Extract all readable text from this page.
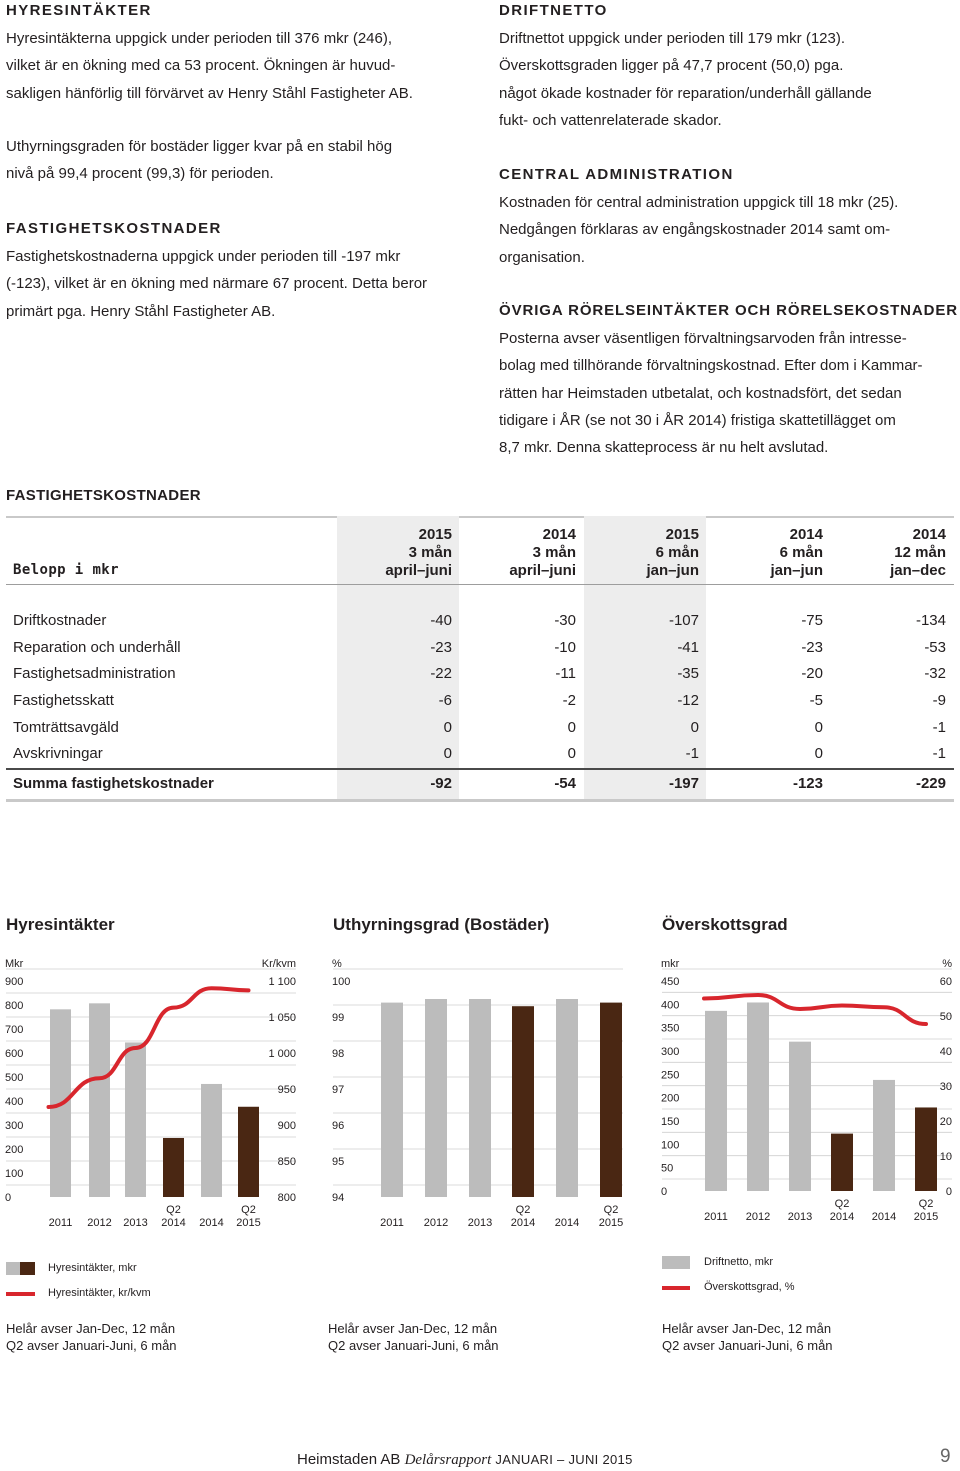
HYRESINTÄKTER
Hyresintäkterna uppgick under perioden till 376 mkr (246),
vilket är en ökning med ca 53 procent. Ökningen är huvud-
sakligen hänförlig till förvärvet av Henry Ståhl Fastigheter AB.
Uthyrningsgraden för bostäder ligger kvar på en stabil hög
nivå på 99,4 procent (99,3) för perioden.
FASTIGHETSKOSTNADER
Fastighetskostnaderna uppgick under perioden till -197 mkr
(-123), vilket är en ökning med närmare 67 procent. Detta beror
primärt pga. Henry Ståhl Fastigheter AB.
DRIFTNETTO
Driftnettot uppgick under perioden till 179 mkr (123).
Överskottsgraden ligger på 47,7 procent (50,0) pga.
något ökade kostnader för reparation/underhåll gällande
fukt- och vattenrelaterade skador.
CENTRAL ADMINISTRATION
Kostnaden för central administration uppgick till 18 mkr (25).
Nedgången förklaras av engångskostnader 2014 samt om-
organisation.
ÖVRIGA RÖRELSEINTÄKTER OCH RÖRELSEKOSTNADER
Posterna avser väsentligen förvaltningsarvoden från intresse-
bolag med tillhörande förvaltningskostnad. Efter dom i Kammar-
rätten har Heimstaden utbetalat, och kostnadsfört, det sedan
tidigare i ÅR (se not 30 i ÅR 2014) fristiga skattetillägget om
8,7 mkr. Denna skatteprocess är nu helt avslutad.
FASTIGHETSKOSTNADER
Belopp i mkr
2015
3 mån
april–juni
2014
3 mån
april–juni
2015
6 mån
jan–jun
2014
6 mån
jan–jun
2014
12 mån
jan–dec
Driftkostnader	-40	-30	-107	-75	-134
Reparation och underhåll	-23	-10	-41	-23	-53
Fastighetsadministration	-22	-11	-35	-20	-32
Fastighetsskatt	-6	-2	-12	-5	-9
Tomträttsavgäld	0	0	0	0	-1
Avskrivningar	0	0	-1	0	-1
Summa fastighetskostnader	-92	-54	-197	-123	-229
Hyresintäkter	Uthyrningsgrad (Bostäder)	Överskottsgrad
Mkr	Kr/kvm
900
800
700
600
500
400
300
200
100
0
1 100
1 050
1 000
950
900
850
800
2011 2012 2013
Q2
2014 2014
Q2
2015
%
100
99
98
97
96
95
94
2011 2012 2013
Q2
2014 2014
Q2
2015
mkr	%
450
400
350
300
250
200
150
100
50
0
60
50
40
30
20
10
0
2011 2012 2013
Q2
2014 2014
Q2
2015
Hyresintäkter, mkr
Hyresintäkter, kr/kvm
Driftnetto, mkr
Överskottsgrad, %
Helår avser Jan-Dec, 12 mån
Q2 avser Januari-Juni, 6 mån
Helår avser Jan-Dec, 12 mån
Q2 avser Januari-Juni, 6 mån
Helår avser Jan-Dec, 12 mån
Q2 avser Januari-Juni, 6 mån
Heimstaden AB Delårsrapport JANUARI – JUNI 2015	9
